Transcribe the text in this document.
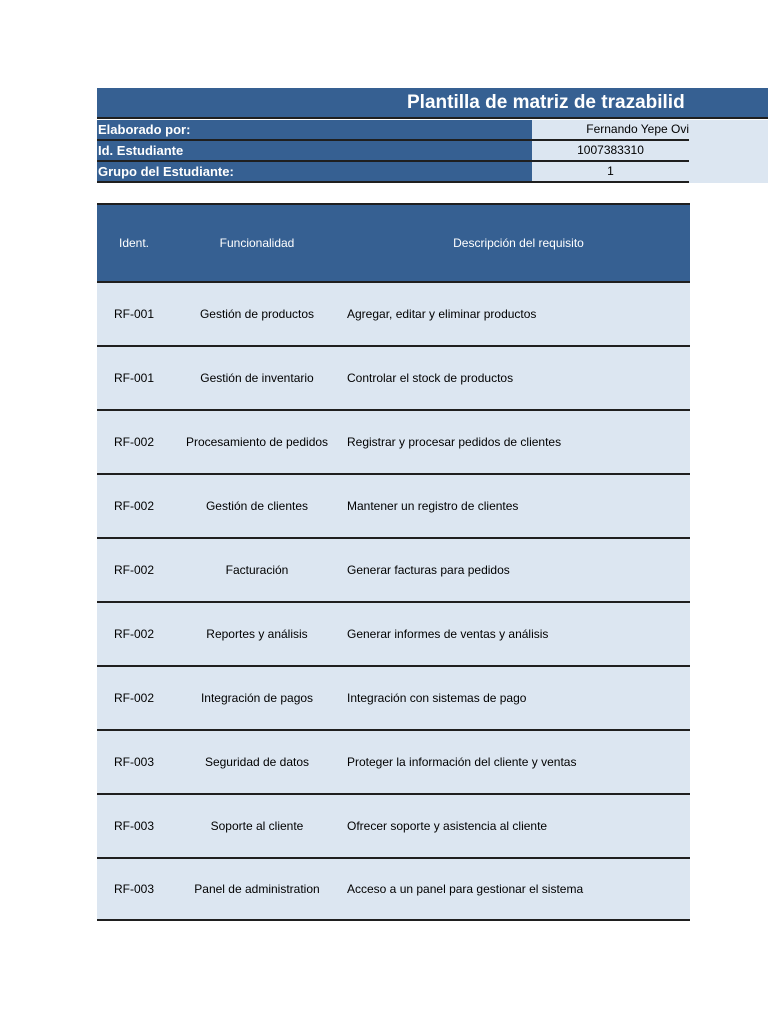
Plantilla de matriz de trazabilid
Elaborado por:	Fernando Yepe Ovi
Id. Estudiante	1007383310
Grupo del Estudiante:	1
Ident.	Funcionalidad	Descripción del requisito
RF-001	Gestión de productos	Agregar, editar y eliminar productos
RF-001	Gestión de inventario	Controlar el stock de productos
RF-002	Procesamiento de pedidos	Registrar y procesar pedidos de clientes
RF-002	Gestión de clientes	Mantener un registro de clientes
RF-002	Facturación	Generar facturas para pedidos
RF-002	Reportes y análisis	Generar informes de ventas y análisis
RF-002	Integración de pagos	Integración con sistemas de pago
RF-003	Seguridad de datos	Proteger la información del cliente y ventas
RF-003	Soporte al cliente	Ofrecer soporte y asistencia al cliente
RF-003	Panel de administration	Acceso a un panel para gestionar el sistema
